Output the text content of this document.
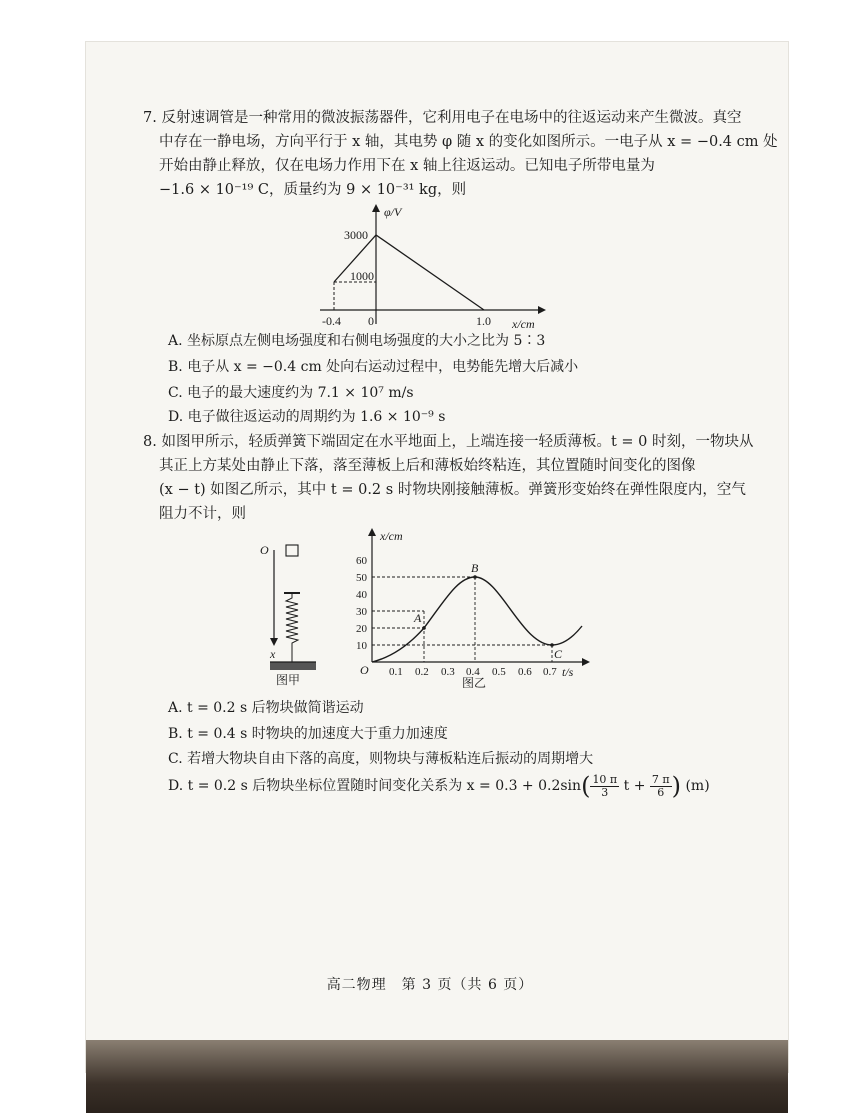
7. 反射速调管是一种常用的微波振荡器件，它利用电子在电场中的往返运动来产生微波。真空
中存在一静电场，方向平行于 x 轴，其电势 φ 随 x 的变化如图所示。一电子从 x = −0.4 cm 处
开始由静止释放，仅在电场力作用下在 x 轴上往返运动。已知电子所带电量为
−1.6 × 10⁻¹⁹ C，质量约为 9 × 10⁻³¹ kg，则
φ/V
3000
1000
-0.4 0	1.0 x/cm
A. 坐标原点左侧电场强度和右侧电场强度的大小之比为 5∶3
B. 电子从 x = −0.4 cm 处向右运动过程中，电势能先增大后减小
C. 电子的最大速度约为 7.1 × 10⁷ m/s
D. 电子做往返运动的周期约为 1.6 × 10⁻⁹ s
8. 如图甲所示，轻质弹簧下端固定在水平地面上，上端连接一轻质薄板。t = 0 时刻，一物块从
其正上方某处由静止下落，落至薄板上后和薄板始终粘连，其位置随时间变化的图像
(x − t) 如图乙所示，其中 t = 0.2 s 时物块刚接触薄板。弹簧形变始终在弹性限度内，空气
阻力不计，则
O
x
图甲
x/cm
t/s
O
60
50
40
30
20
10
0.1 0.2 0.3 0.4 0.5 0.6 0.7
A
B
C
图乙
A. t = 0.2 s 后物块做简谐运动
B. t = 0.4 s 时物块的加速度大于重力加速度
C. 若增大物块自由下落的高度，则物块与薄板粘连后振动的周期增大
D. t = 0.2 s 后物块坐标位置随时间变化关系为 $x = 0.3 + 0.2\sin( \frac{10 \pi}{3}$ $t + \frac{7 \pi}{6}$ ) (m)
高二物理　第 3 页（共 6 页）
